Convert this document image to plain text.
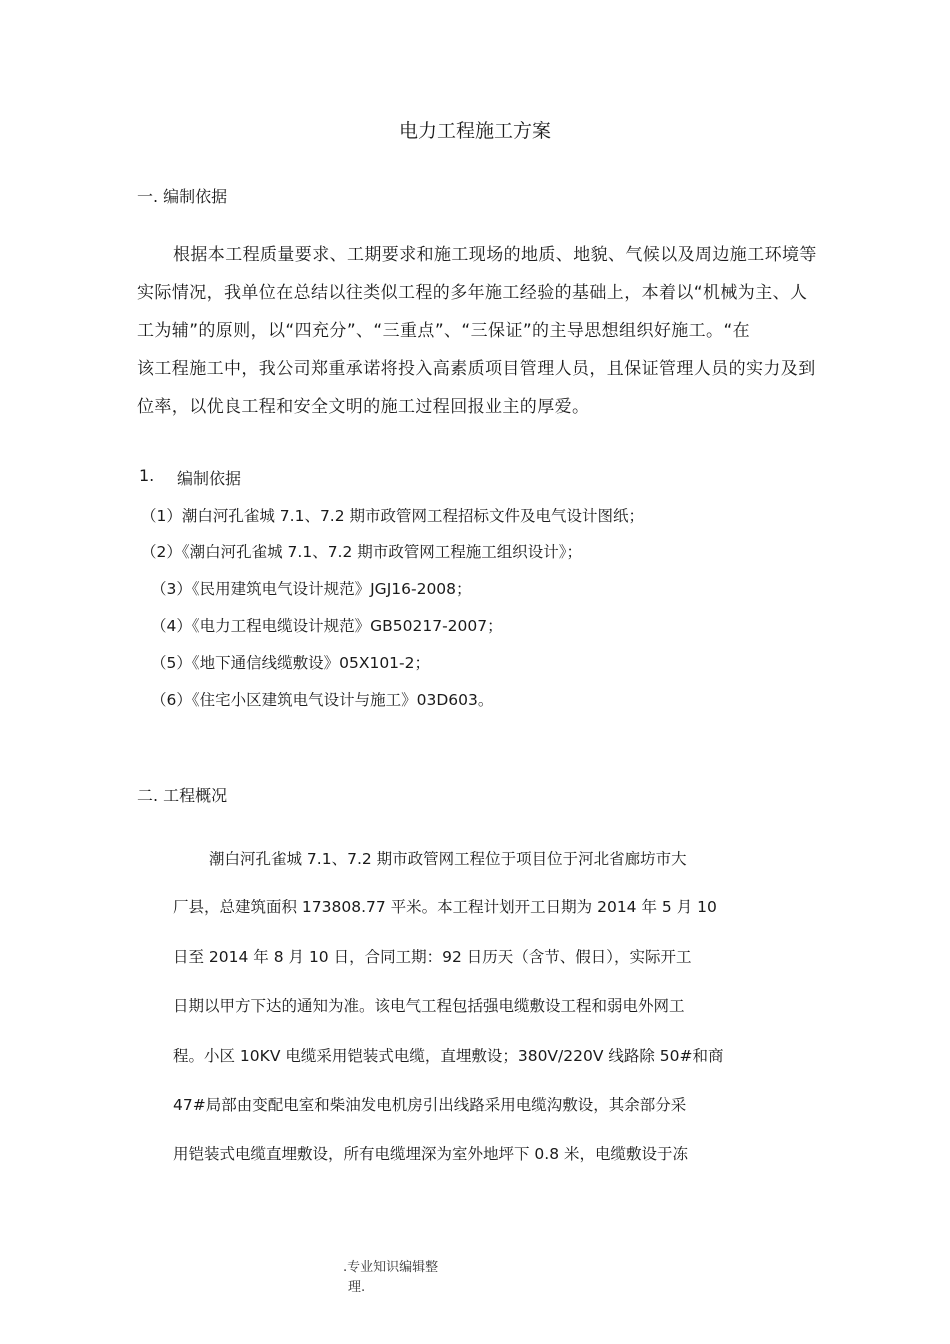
电力工程施工方案
一. 编制依据
根据本工程质量要求、工期要求和施工现场的地质、地貌、气候以及周边施工环境等
实际情况，我单位在总结以往类似工程的多年施工经验的基础上，本着以“机械为主、人
工为辅”的原则，以“四充分”、“三重点”、“三保证”的主导思想组织好施工。“在
该工程施工中，我公司郑重承诺将投入高素质项目管理人员，且保证管理人员的实力及到
位率，以优良工程和安全文明的施工过程回报业主的厚爱。
1. 编制依据
（1）潮白河孔雀城 7.1、7.2 期市政管网工程招标文件及电气设计图纸；
（2）《潮白河孔雀城 7.1、7.2 期市政管网工程施工组织设计》；
（3）《民用建筑电气设计规范》JGJ16-2008；
（4）《电力工程电缆设计规范》GB50217-2007；
（5）《地下通信线缆敷设》05X101-2；
（6）《住宅小区建筑电气设计与施工》03D603。
二. 工程概况
潮白河孔雀城 7.1、7.2 期市政管网工程位于项目位于河北省廊坊市大
厂县，总建筑面积 173808.77 平米。本工程计划开工日期为 2014 年 5 月 10
日至 2014 年 8 月 10 日，合同工期：92 日历天（含节、假日），实际开工
日期以甲方下达的通知为准。该电气工程包括强电缆敷设工程和弱电外网工
程。小区 10KV 电缆采用铠装式电缆，直埋敷设；380V/220V 线路除 50#和商
47#局部由变配电室和柴油发电机房引出线路采用电缆沟敷设，其余部分采
用铠装式电缆直埋敷设，所有电缆埋深为室外地坪下 0.8 米，电缆敷设于冻
.专业知识编辑整
理.
